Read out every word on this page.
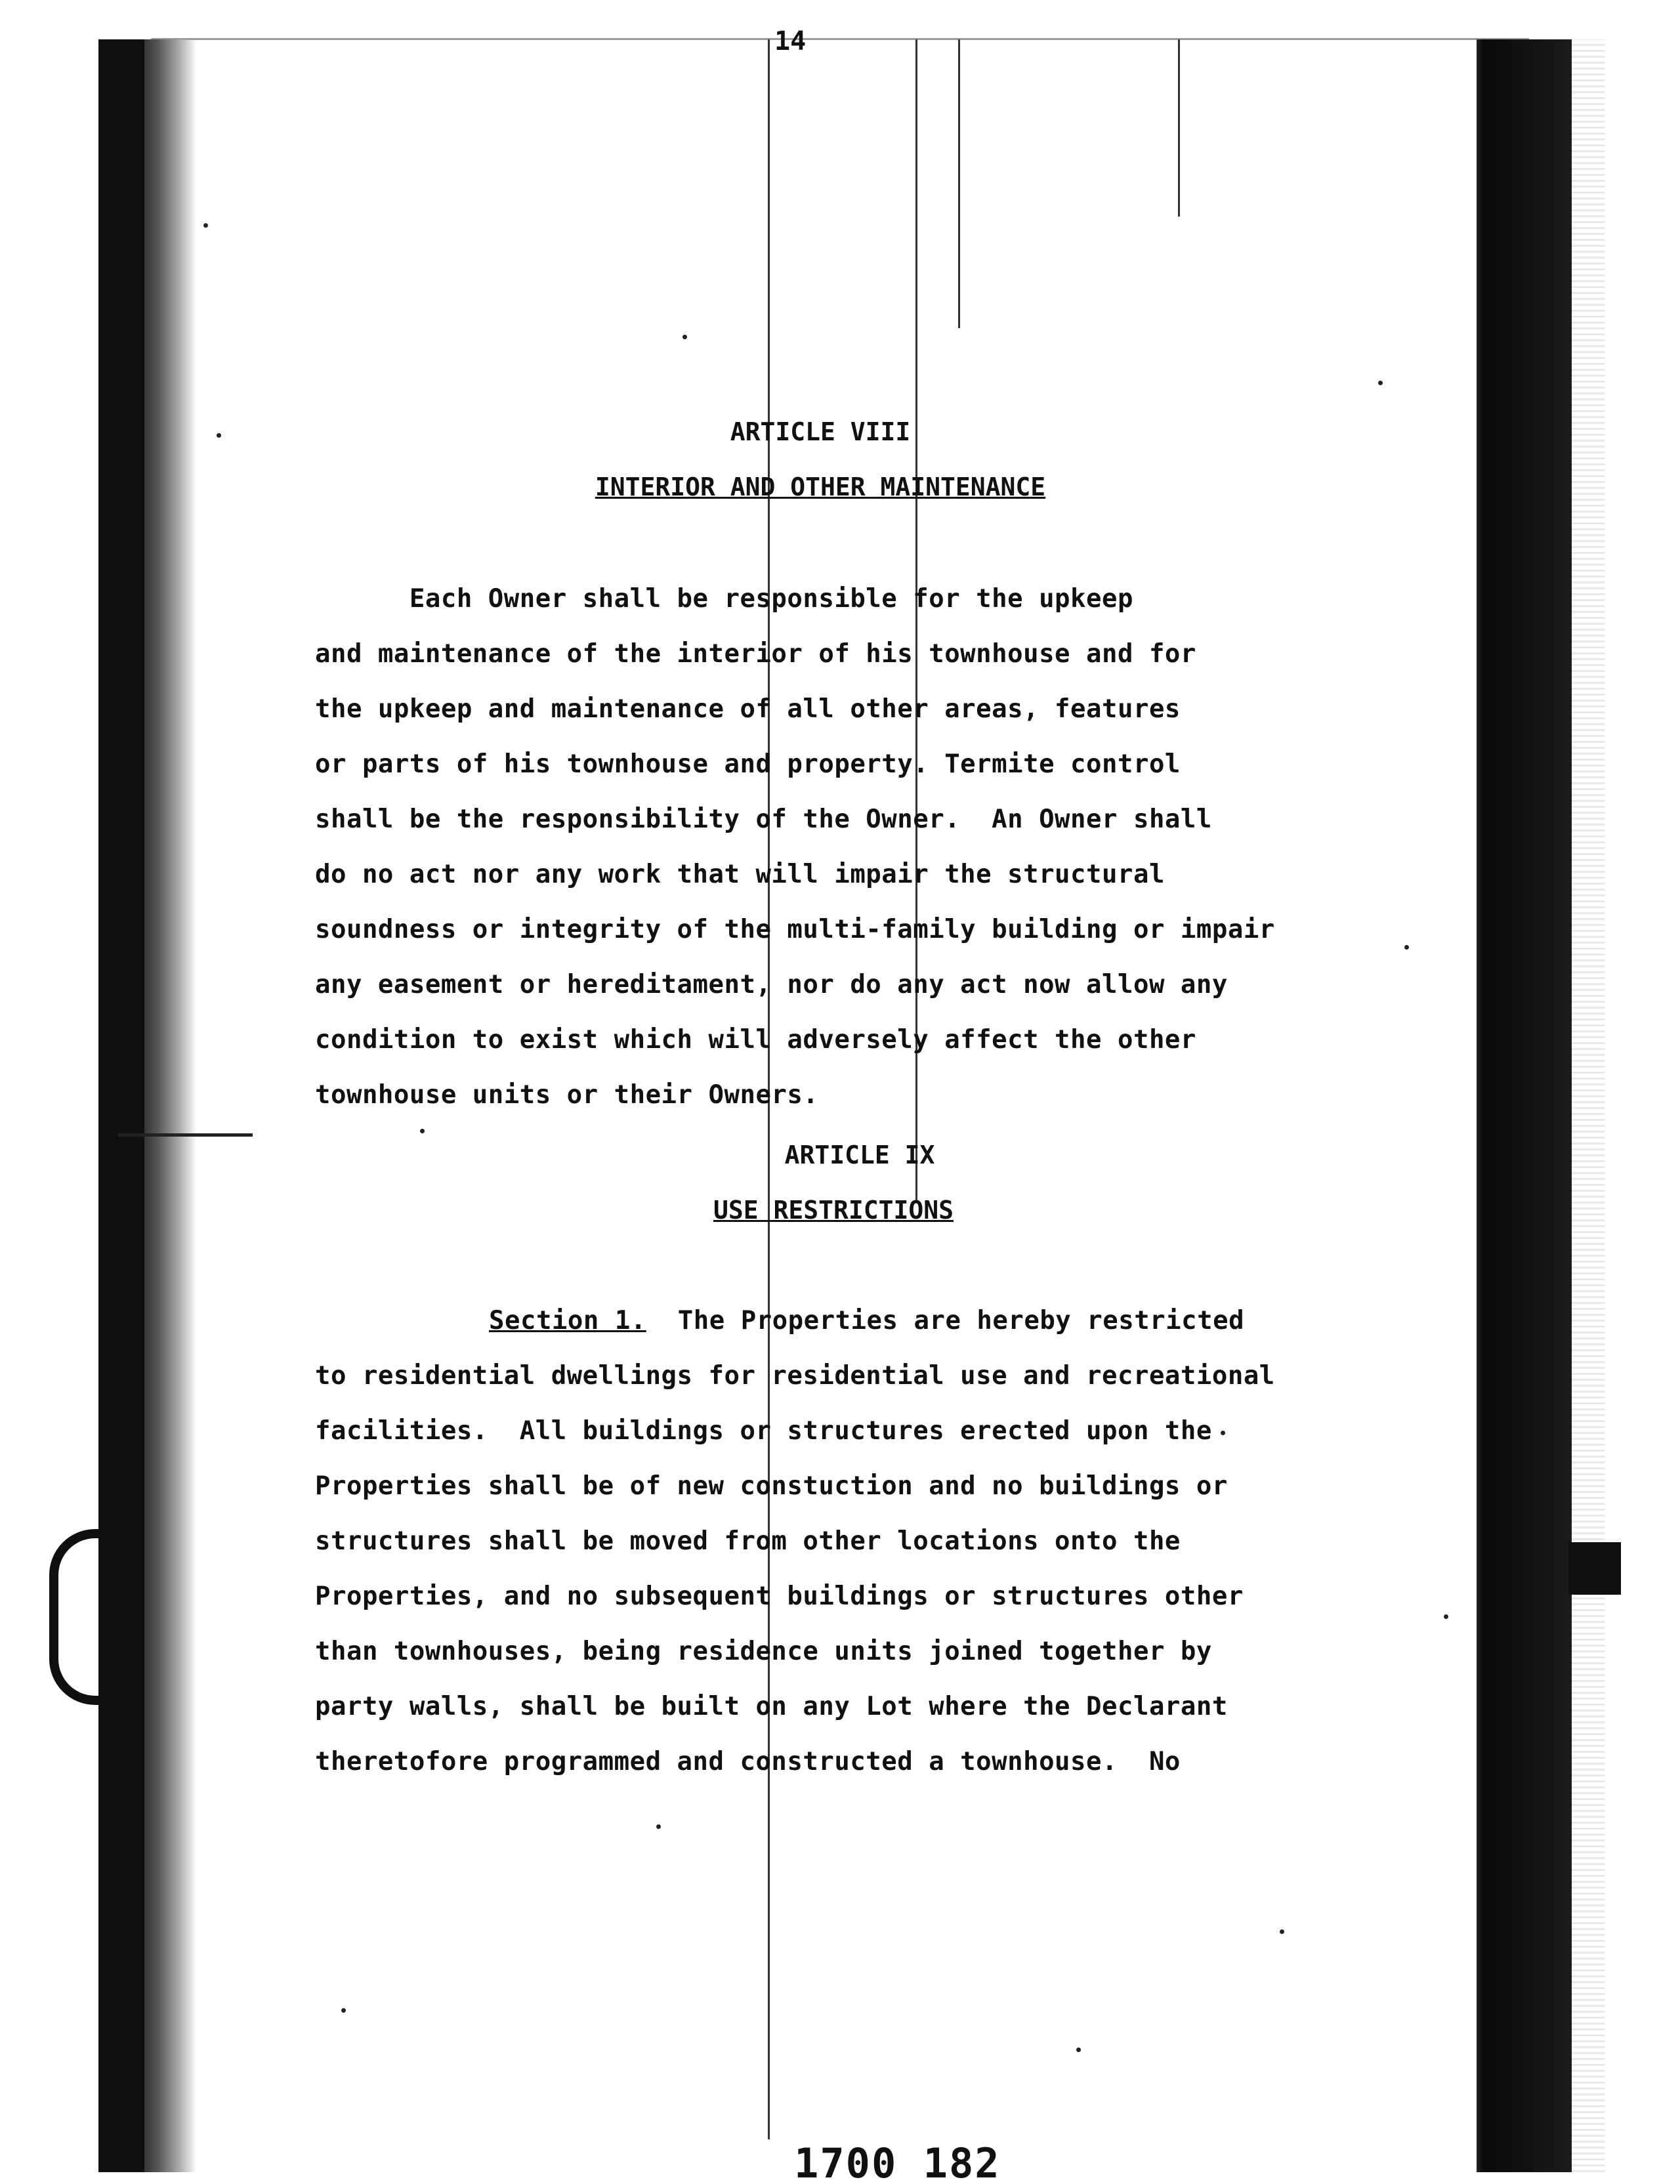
14
ARTICLE VIII
INTERIOR AND OTHER MAINTENANCE
Each Owner shall be responsible for the upkeep
and maintenance of the interior of his townhouse and for
the upkeep and maintenance of all other areas, features
or parts of his townhouse and property. Termite control
shall be the responsibility of the Owner.  An Owner shall
do no act nor any work that will impair the structural
soundness or integrity of the multi-family building or impair
any easement or hereditament, nor do any act now allow any
condition to exist which will adversely affect the other
townhouse units or their Owners.
ARTICLE IX
USE RESTRICTIONS
Section 1. The Properties are hereby restricted
to residential dwellings for residential use and recreational
facilities.  All buildings or structures erected upon the
Properties shall be of new constuction and no buildings or
structures shall be moved from other locations onto the
Properties, and no subsequent buildings or structures other
than townhouses, being residence units joined together by
party walls, shall be built on any Lot where the Declarant
theretofore programmed and constructed a townhouse.  No
1700 182
